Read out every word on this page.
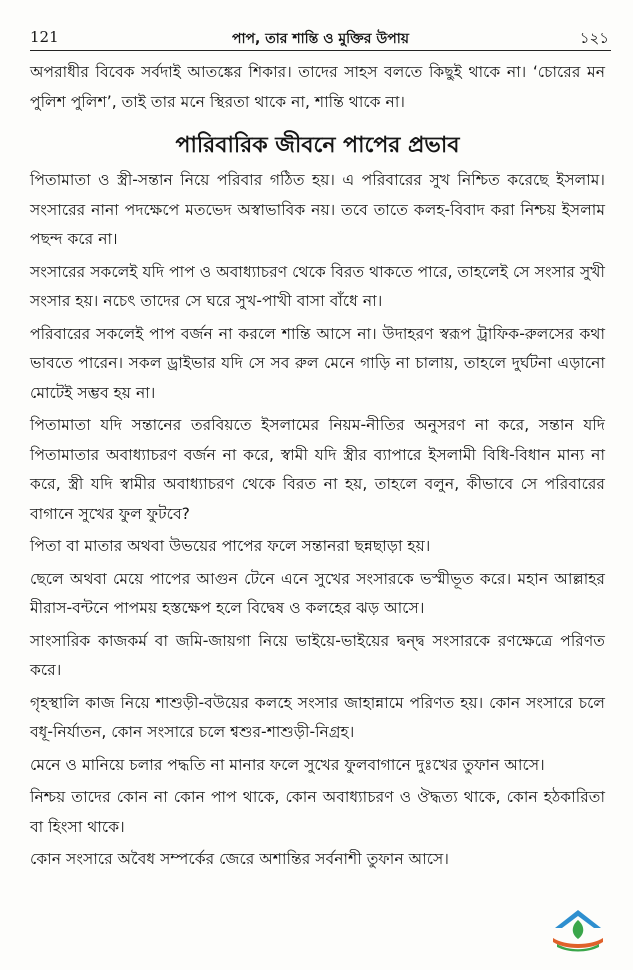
121	পাপ, তার শান্তি ও মুক্তির উপায়	১২১

অপরাধীর বিবেক সর্বদাই আতঙ্কের শিকার। তাদের সাহস বলতে কিছুই থাকে না। ‘চোরের মন পুলিশ পুলিশ’, তাই তার মনে স্থিরতা থাকে না, শান্তি থাকে না।

পারিবারিক জীবনে পাপের প্রভাব

পিতামাতা ও স্ত্রী-সন্তান নিয়ে পরিবার গঠিত হয়। এ পরিবারের সুখ নিশ্চিত করেছে ইসলাম। সংসারের নানা পদক্ষেপে মতভেদ অস্বাভাবিক নয়। তবে তাতে কলহ-বিবাদ করা নিশ্চয় ইসলাম পছন্দ করে না।

সংসারের সকলেই যদি পাপ ও অবাধ্যাচরণ থেকে বিরত থাকতে পারে, তাহলেই সে সংসার সুখী সংসার হয়। নচেৎ তাদের সে ঘরে সুখ-পাখী বাসা বাঁধে না।

পরিবারের সকলেই পাপ বর্জন না করলে শান্তি আসে না। উদাহরণ স্বরূপ ট্রাফিক-রুলসের কথা ভাবতে পারেন। সকল ড্রাইভার যদি সে সব রুল মেনে গাড়ি না চালায়, তাহলে দুর্ঘটনা এড়ানো মোটেই সম্ভব হয় না।

পিতামাতা যদি সন্তানের তরবিয়তে ইসলামের নিয়ম-নীতির অনুসরণ না করে, সন্তান যদি পিতামাতার অবাধ্যাচরণ বর্জন না করে, স্বামী যদি স্ত্রীর ব্যাপারে ইসলামী বিধি-বিধান মান্য না করে, স্ত্রী যদি স্বামীর অবাধ্যাচরণ থেকে বিরত না হয়, তাহলে বলুন, কীভাবে সে পরিবারের বাগানে সুখের ফুল ফুটবে?

পিতা বা মাতার অথবা উভয়ের পাপের ফলে সন্তানরা ছন্নছাড়া হয়।

ছেলে অথবা মেয়ে পাপের আগুন টেনে এনে সুখের সংসারকে ভস্মীভূত করে। মহান আল্লাহর মীরাস-বন্টনে পাপময় হস্তক্ষেপ হলে বিদ্বেষ ও কলহের ঝড় আসে।

সাংসারিক কাজকর্ম বা জমি-জায়গা নিয়ে ভাইয়ে-ভাইয়ের দ্বন্দ্ব সংসারকে রণক্ষেত্রে পরিণত করে।

গৃহস্থালি কাজ নিয়ে শাশুড়ী-বউয়ের কলহে সংসার জাহান্নামে পরিণত হয়। কোন সংসারে চলে বধূ-নির্যাতন, কোন সংসারে চলে শ্বশুর-শাশুড়ী-নিগ্রহ।

মেনে ও মানিয়ে চলার পদ্ধতি না মানার ফলে সুখের ফুলবাগানে দুঃখের তুফান আসে।

নিশ্চয় তাদের কোন না কোন পাপ থাকে, কোন অবাধ্যাচরণ ও ঔদ্ধত্য থাকে, কোন হঠকারিতা বা হিংসা থাকে।

কোন সংসারে অবৈধ সম্পর্কের জেরে অশান্তির সর্বনাশী তুফান আসে।
